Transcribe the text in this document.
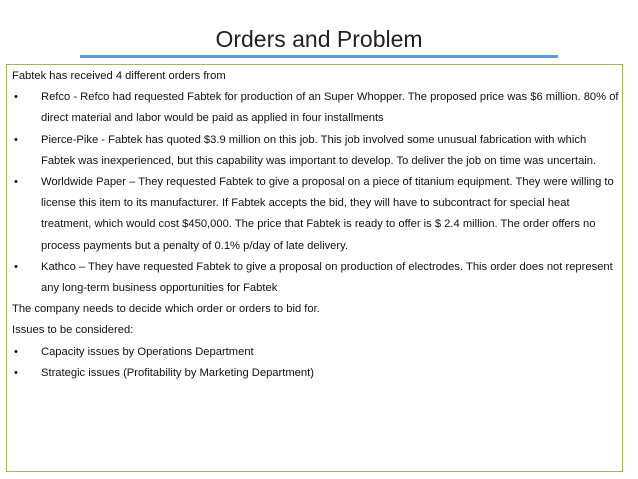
Orders and Problem

Fabtek has received 4 different orders from

• Refco - Refco had requested Fabtek for production of an Super Whopper. The proposed price was $6 million. 80% of direct material and labor would be paid as applied in four installments
• Pierce-Pike - Fabtek has quoted $3.9 million on this job. This job involved some unusual fabrication with which Fabtek was inexperienced, but this capability was important to develop. To deliver the job on time was uncertain.
• Worldwide Paper – They requested Fabtek to give a proposal on a piece of titanium equipment. They were willing to license this item to its manufacturer. If Fabtek accepts the bid, they will have to subcontract for special heat treatment, which would cost $450,000. The price that Fabtek is ready to offer is $ 2.4 million. The order offers no process payments but a penalty of 0.1% p/day of late delivery.
• Kathco – They have requested Fabtek to give a proposal on production of electrodes. This order does not represent any long-term business opportunities for Fabtek

The company needs to decide which order or orders to bid for.

Issues to be considered:

• Capacity issues by Operations Department
• Strategic issues (Profitability by Marketing Department)
